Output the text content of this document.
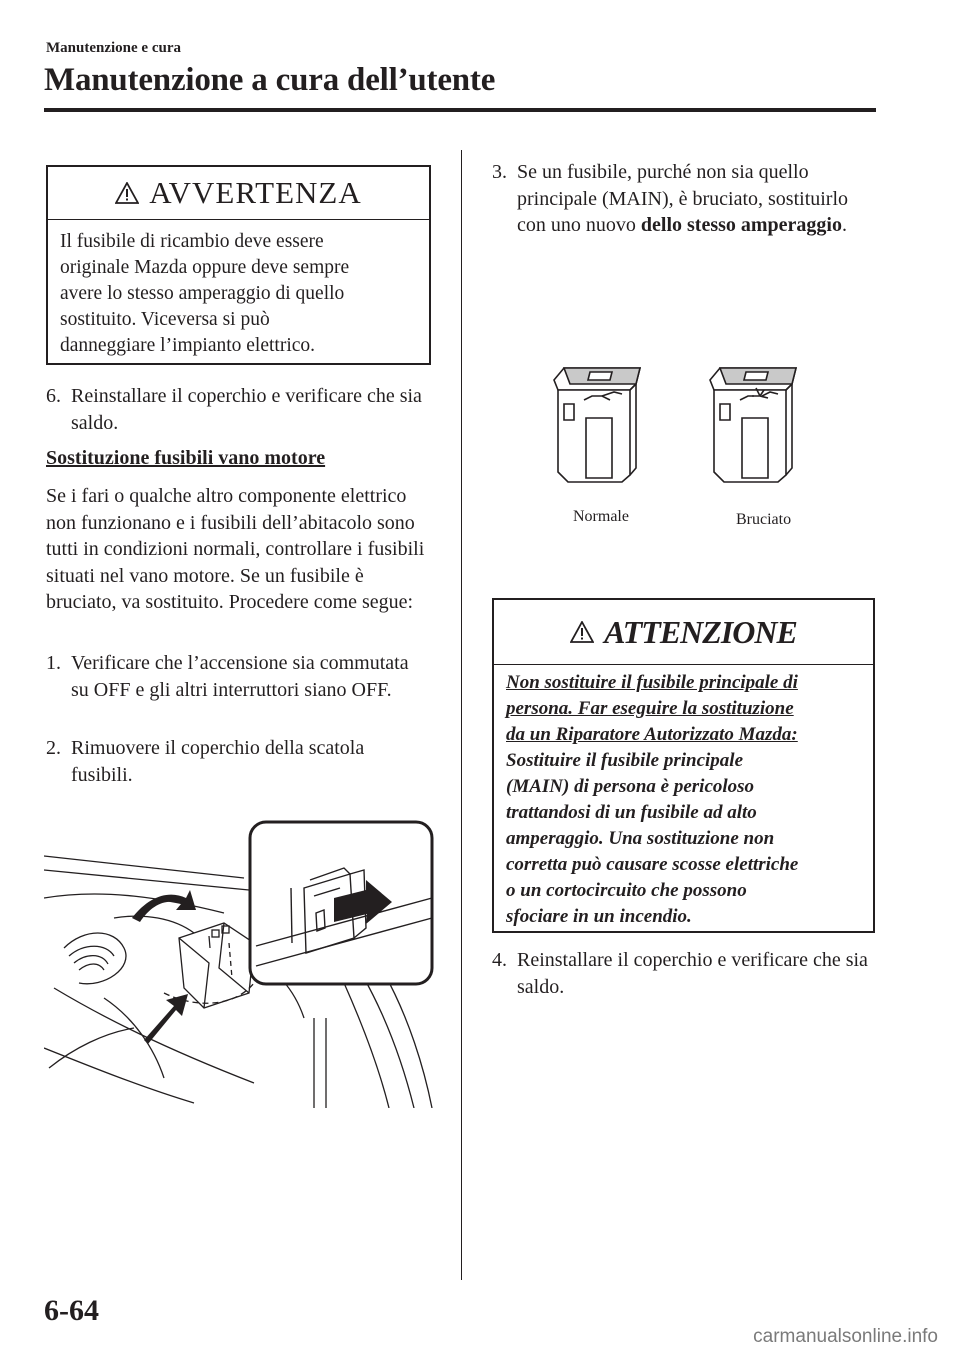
Manutenzione e cura
Manutenzione a cura dell’utente
AVVERTENZA
Il fusibile di ricambio deve essere
originale Mazda oppure deve sempre
avere lo stesso amperaggio di quello
sostituito. Viceversa si può
danneggiare l’impianto elettrico.
6. Reinstallare il coperchio e verificare che sia saldo.
Sostituzione fusibili vano motore
Se i fari o qualche altro componente elettrico non funzionano e i fusibili dell’abitacolo sono tutti in condizioni normali, controllare i fusibili situati nel vano motore. Se un fusibile è bruciato, va sostituito. Procedere come segue:
1. Verificare che l’accensione sia commutata su OFF e gli altri interruttori siano OFF.
2. Rimuovere il coperchio della scatola fusibili.
3. Se un fusibile, purché non sia quello principale (MAIN), è bruciato, sostituirlo con uno nuovo dello stesso amperaggio.
Normale	Bruciato
ATTENZIONE
Non sostituire il fusibile principale di
persona. Far eseguire la sostituzione
da un Riparatore Autorizzato Mazda:
Sostituire il fusibile principale
(MAIN) di persona è pericoloso
trattandosi di un fusibile ad alto
amperaggio. Una sostituzione non
corretta può causare scosse elettriche
o un cortocircuito che possono
sfociare in un incendio.
4. Reinstallare il coperchio e verificare che sia saldo.
6-64
carmanualsonline.info
